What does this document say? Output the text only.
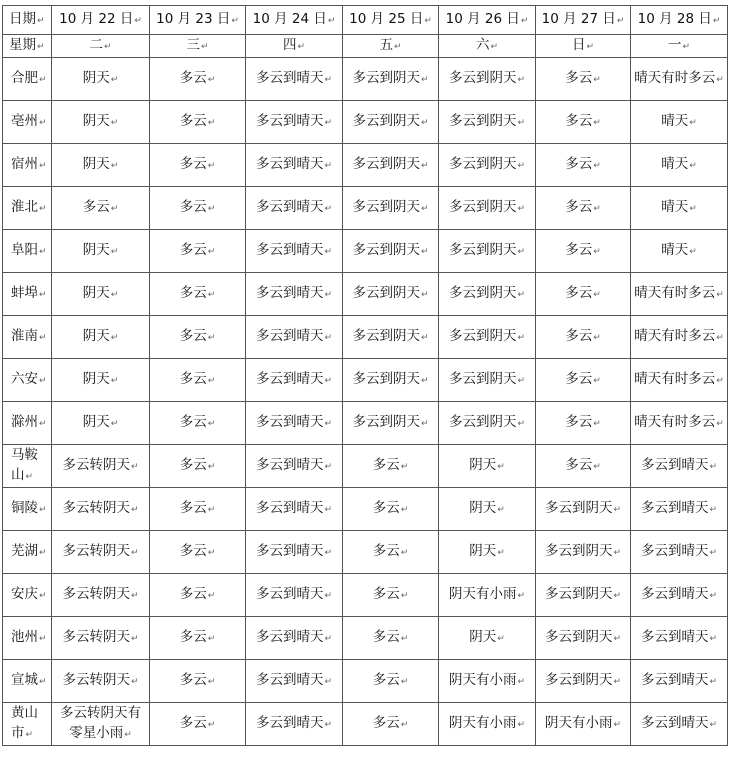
日期↵	10 月 22 日↵	10 月 23 日↵	10 月 24 日↵	10 月 25 日↵	10 月 26 日↵	10 月 27 日↵	10 月 28 日↵
星期↵	二↵	三↵	四↵	五↵	六↵	日↵	一↵
合肥↵	阴天↵	多云↵	多云到晴天↵	多云到阴天↵	多云到阴天↵	多云↵	晴天有时多云↵
亳州↵	阴天↵	多云↵	多云到晴天↵	多云到阴天↵	多云到阴天↵	多云↵	晴天↵
宿州↵	阴天↵	多云↵	多云到晴天↵	多云到阴天↵	多云到阴天↵	多云↵	晴天↵
淮北↵	多云↵	多云↵	多云到晴天↵	多云到阴天↵	多云到阴天↵	多云↵	晴天↵
阜阳↵	阴天↵	多云↵	多云到晴天↵	多云到阴天↵	多云到阴天↵	多云↵	晴天↵
蚌埠↵	阴天↵	多云↵	多云到晴天↵	多云到阴天↵	多云到阴天↵	多云↵	晴天有时多云↵
淮南↵	阴天↵	多云↵	多云到晴天↵	多云到阴天↵	多云到阴天↵	多云↵	晴天有时多云↵
六安↵	阴天↵	多云↵	多云到晴天↵	多云到阴天↵	多云到阴天↵	多云↵	晴天有时多云↵
滁州↵	阴天↵	多云↵	多云到晴天↵	多云到阴天↵	多云到阴天↵	多云↵	晴天有时多云↵
马鞍山↵	多云转阴天↵	多云↵	多云到晴天↵	多云↵	阴天↵	多云↵	多云到晴天↵
铜陵↵	多云转阴天↵	多云↵	多云到晴天↵	多云↵	阴天↵	多云到阴天↵	多云到晴天↵
芜湖↵	多云转阴天↵	多云↵	多云到晴天↵	多云↵	阴天↵	多云到阴天↵	多云到晴天↵
安庆↵	多云转阴天↵	多云↵	多云到晴天↵	多云↵	阴天有小雨↵	多云到阴天↵	多云到晴天↵
池州↵	多云转阴天↵	多云↵	多云到晴天↵	多云↵	阴天↵	多云到阴天↵	多云到晴天↵
宣城↵	多云转阴天↵	多云↵	多云到晴天↵	多云↵	阴天有小雨↵	多云到阴天↵	多云到晴天↵
黄山市↵	多云转阴天有零星小雨↵	多云↵	多云到晴天↵	多云↵	阴天有小雨↵	阴天有小雨↵	多云到晴天↵
